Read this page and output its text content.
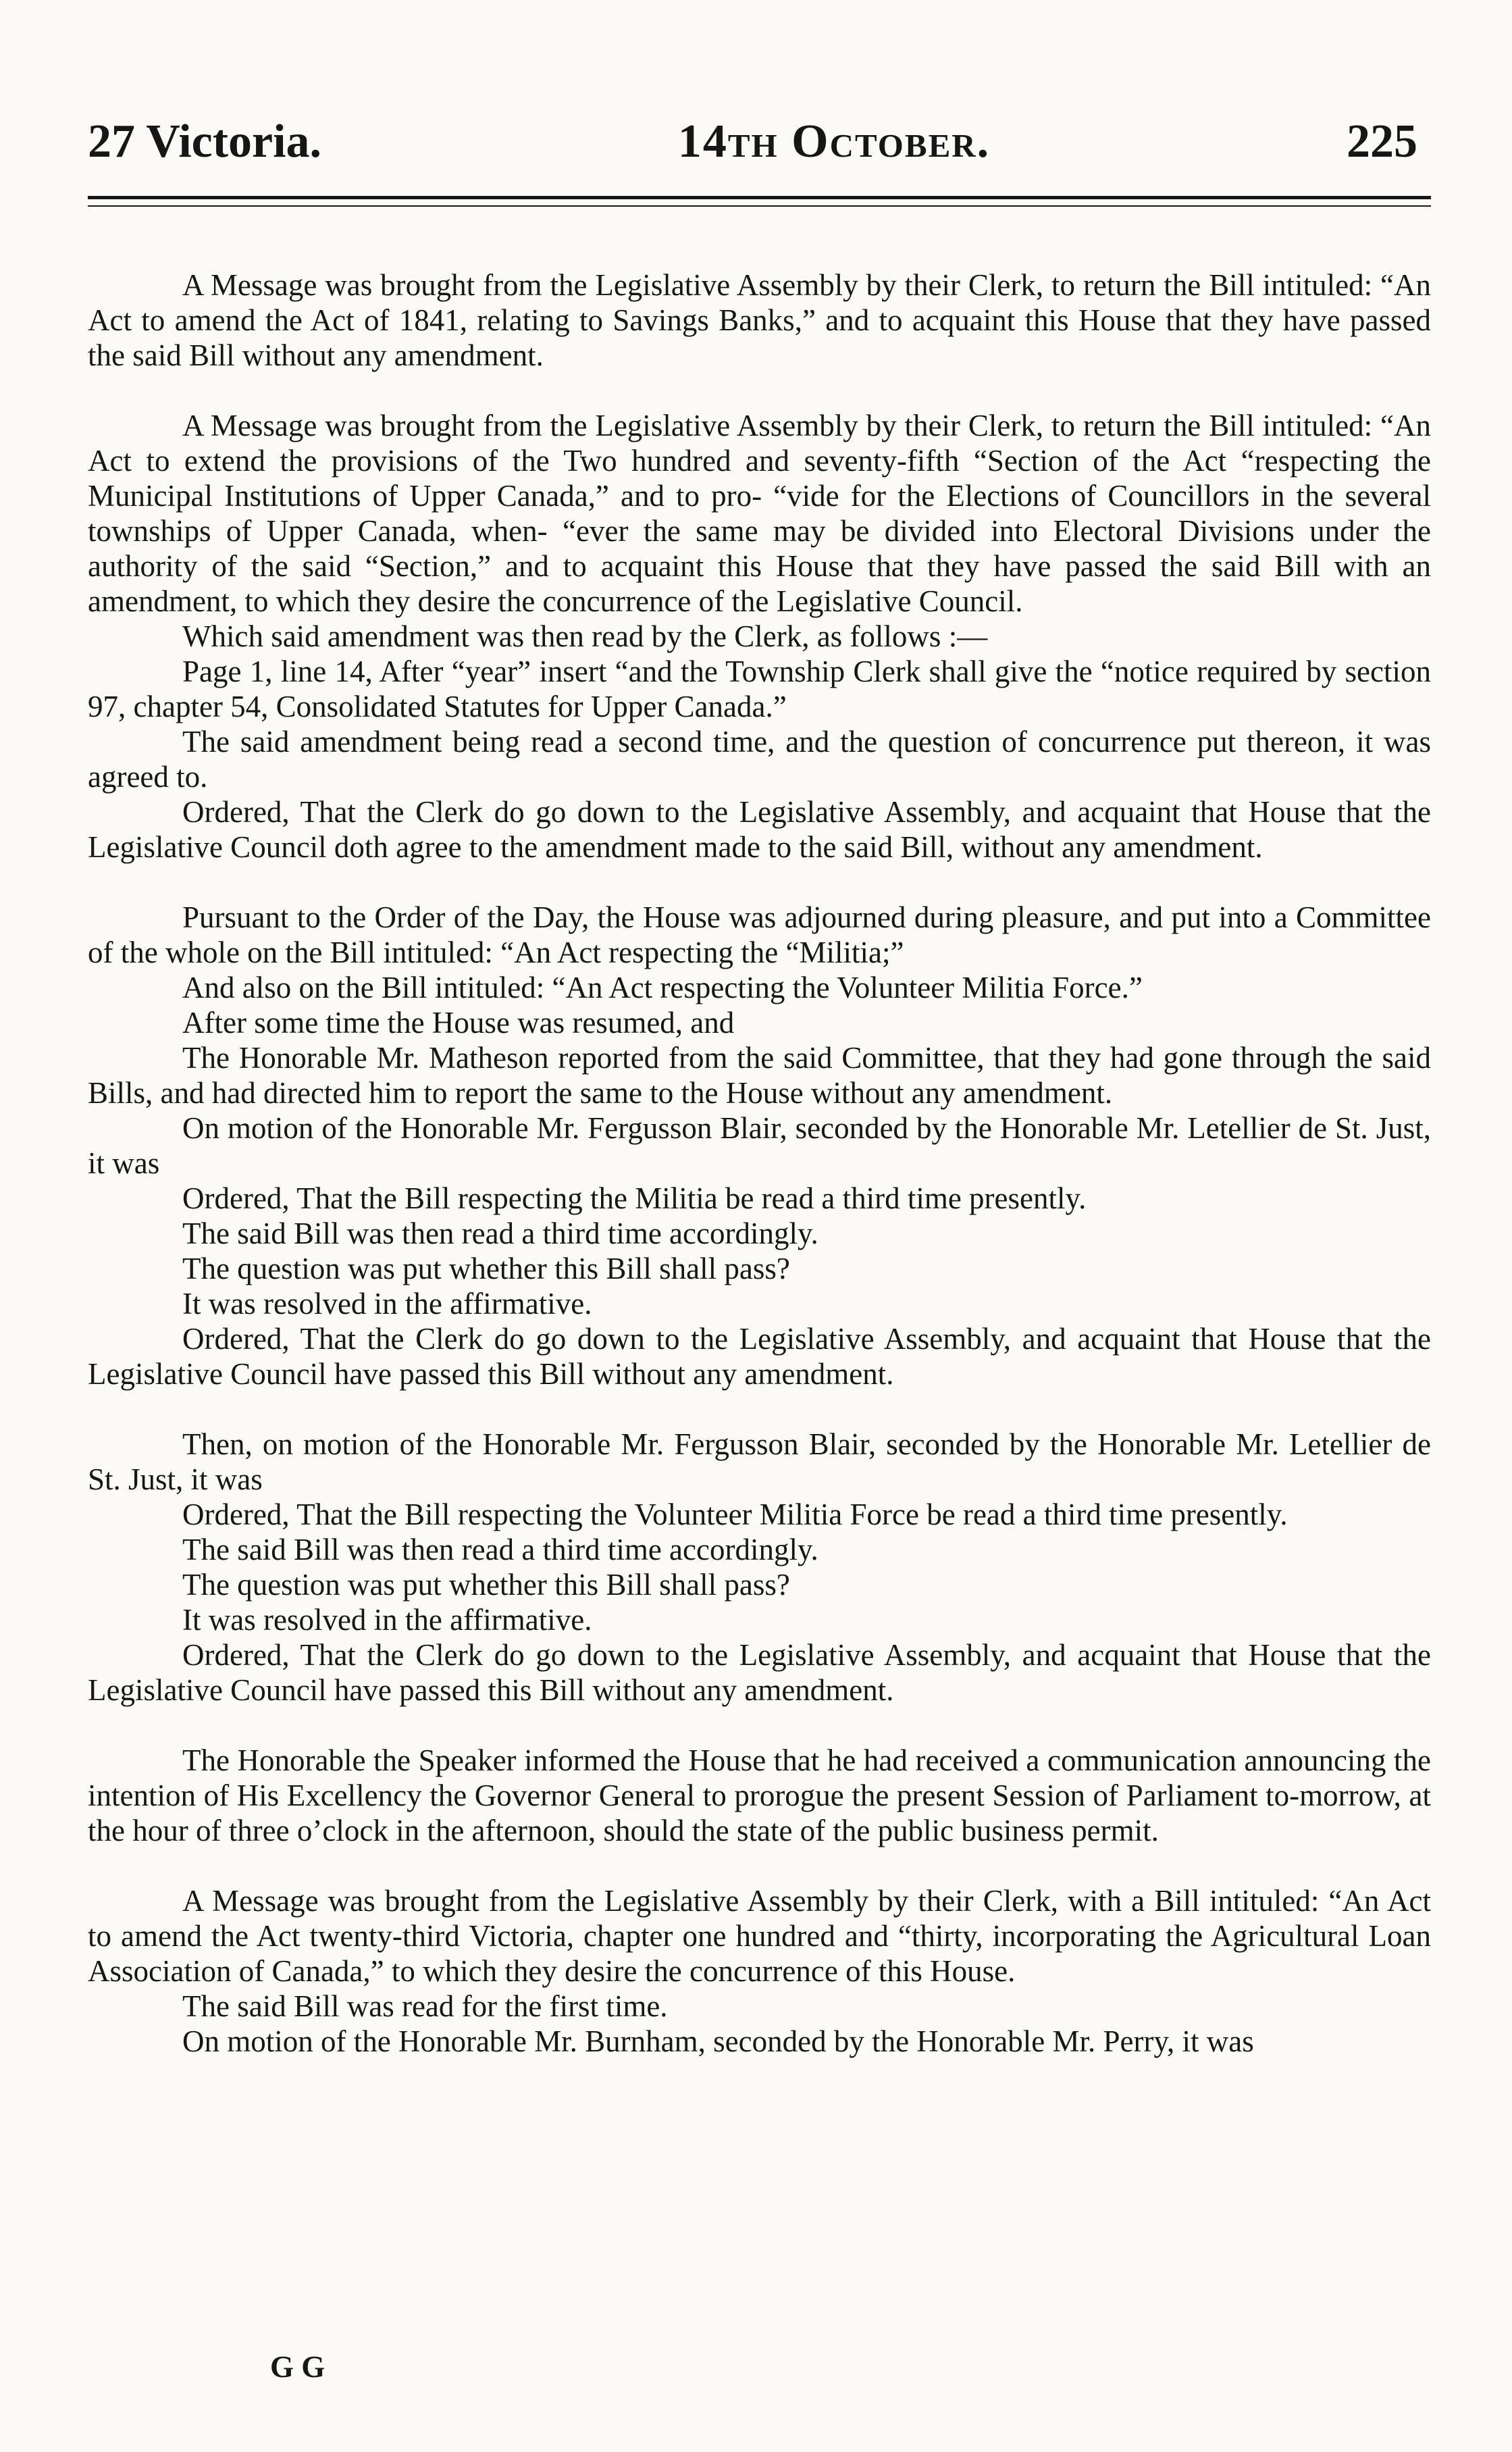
27 Victoria.	14th October.	225

A Message was brought from the Legislative Assembly by their Clerk, to return the Bill intituled: “An Act to amend the Act of 1841, relating to Savings Banks,” and to acquaint this House that they have passed the said Bill without any amendment.

A Message was brought from the Legislative Assembly by their Clerk, to return the Bill intituled: “An Act to extend the provisions of the Two hundred and seventy-fifth “Section of the Act “respecting the Municipal Institutions of Upper Canada,” and to pro- “vide for the Elections of Councillors in the several townships of Upper Canada, when- “ever the same may be divided into Electoral Divisions under the authority of the said “Section,” and to acquaint this House that they have passed the said Bill with an amendment, to which they desire the concurrence of the Legislative Council.

Which said amendment was then read by the Clerk, as follows :—

Page 1, line 14, After “year” insert “and the Township Clerk shall give the “notice required by section 97, chapter 54, Consolidated Statutes for Upper Canada.”

The said amendment being read a second time, and the question of concurrence put thereon, it was agreed to.

Ordered, That the Clerk do go down to the Legislative Assembly, and acquaint that House that the Legislative Council doth agree to the amendment made to the said Bill, without any amendment.

Pursuant to the Order of the Day, the House was adjourned during pleasure, and put into a Committee of the whole on the Bill intituled: “An Act respecting the “Militia;”

And also on the Bill intituled: “An Act respecting the Volunteer Militia Force.”

After some time the House was resumed, and

The Honorable Mr. Matheson reported from the said Committee, that they had gone through the said Bills, and had directed him to report the same to the House without any amendment.

On motion of the Honorable Mr. Fergusson Blair, seconded by the Honorable Mr. Letellier de St. Just, it was

Ordered, That the Bill respecting the Militia be read a third time presently.

The said Bill was then read a third time accordingly.

The question was put whether this Bill shall pass?

It was resolved in the affirmative.

Ordered, That the Clerk do go down to the Legislative Assembly, and acquaint that House that the Legislative Council have passed this Bill without any amendment.

Then, on motion of the Honorable Mr. Fergusson Blair, seconded by the Honorable Mr. Letellier de St. Just, it was

Ordered, That the Bill respecting the Volunteer Militia Force be read a third time presently.

The said Bill was then read a third time accordingly.

The question was put whether this Bill shall pass?

It was resolved in the affirmative.

Ordered, That the Clerk do go down to the Legislative Assembly, and acquaint that House that the Legislative Council have passed this Bill without any amendment.

The Honorable the Speaker informed the House that he had received a communication announcing the intention of His Excellency the Governor General to prorogue the present Session of Parliament to-morrow, at the hour of three o’clock in the afternoon, should the state of the public business permit.

A Message was brought from the Legislative Assembly by their Clerk, with a Bill intituled: “An Act to amend the Act twenty-third Victoria, chapter one hundred and “thirty, incorporating the Agricultural Loan Association of Canada,” to which they desire the concurrence of this House.

The said Bill was read for the first time.

On motion of the Honorable Mr. Burnham, seconded by the Honorable Mr. Perry, it was

G G
